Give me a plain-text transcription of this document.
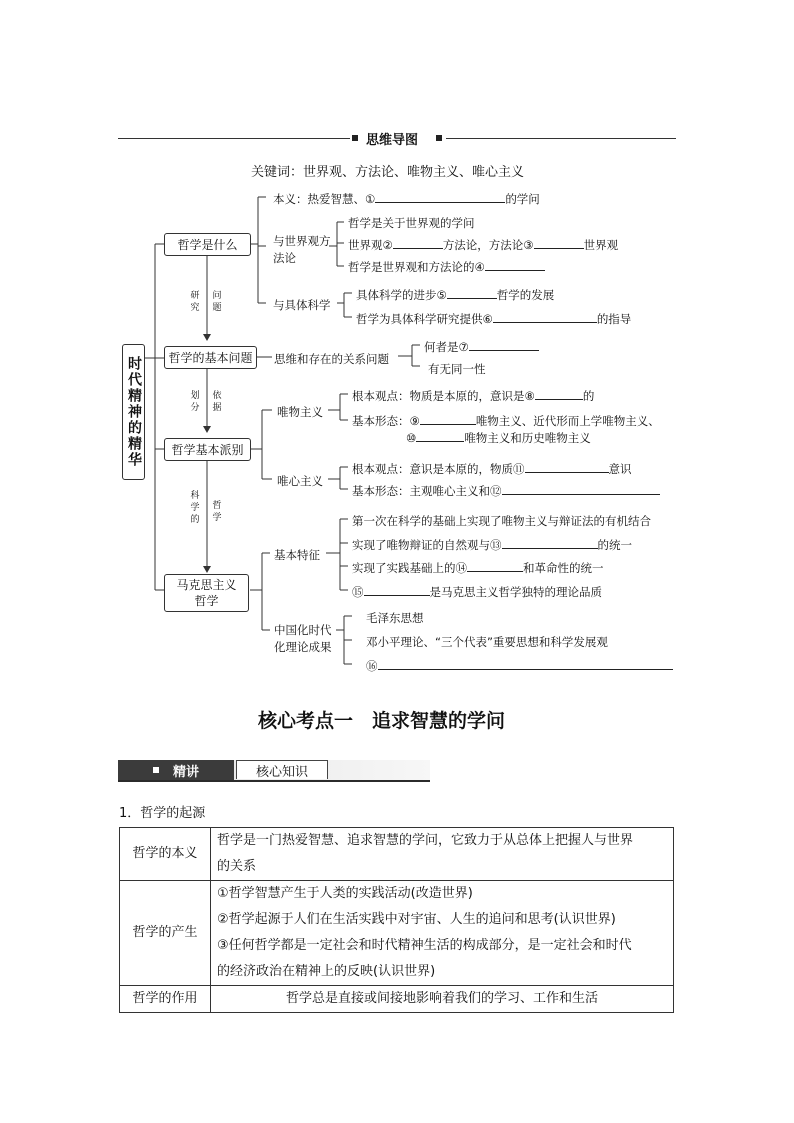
思维导图
关键词：世界观、方法论、唯物主义、唯心主义
时代精神的精华
哲学是什么
哲学的基本问题
哲学基本派别
马克思主义哲学
研究
问题
划分
依据
科学的
哲学
本义：热爱智慧、①	的学问
与世界观方法论
哲学是关于世界观的学问
世界观②	方法论，方法论③	世界观
哲学是世界观和方法论的④
与具体科学
具体科学的进步⑤	哲学的发展
哲学为具体科学研究提供⑥	的指导
思维和存在的关系问题
何者是⑦
有无同一性
唯物主义
根本观点：物质是本原的，意识是⑧	的
基本形态：⑨	唯物主义、近代形而上学唯物主义、
⑩	唯物主义和历史唯物主义
唯心主义
根本观点：意识是本原的，物质⑪	意识
基本形态：主观唯心主义和⑫
基本特征
第一次在科学的基础上实现了唯物主义与辩证法的有机结合
实现了唯物辩证的自然观与⑬	的统一
实现了实践基础上的⑭	和革命性的统一
⑮	是马克思主义哲学独特的理论品质
中国化时代化理论成果
毛泽东思想
邓小平理论、“三个代表”重要思想和科学发展观
⑯
核心考点一　追求智慧的学问
精讲	核心知识
1．哲学的起源
哲学的本义	哲学是一门热爱智慧、追求智慧的学问，它致力于从总体上把握人与世界
的关系

哲学的产生	①哲学智慧产生于人类的实践活动(改造世界)
②哲学起源于人们在生活实践中对宇宙、人生的追问和思考(认识世界)
③任何哲学都是一定社会和时代精神生活的构成部分，是一定社会和时代
的经济政治在精神上的反映(认识世界)

哲学的作用	哲学总是直接或间接地影响着我们的学习、工作和生活
